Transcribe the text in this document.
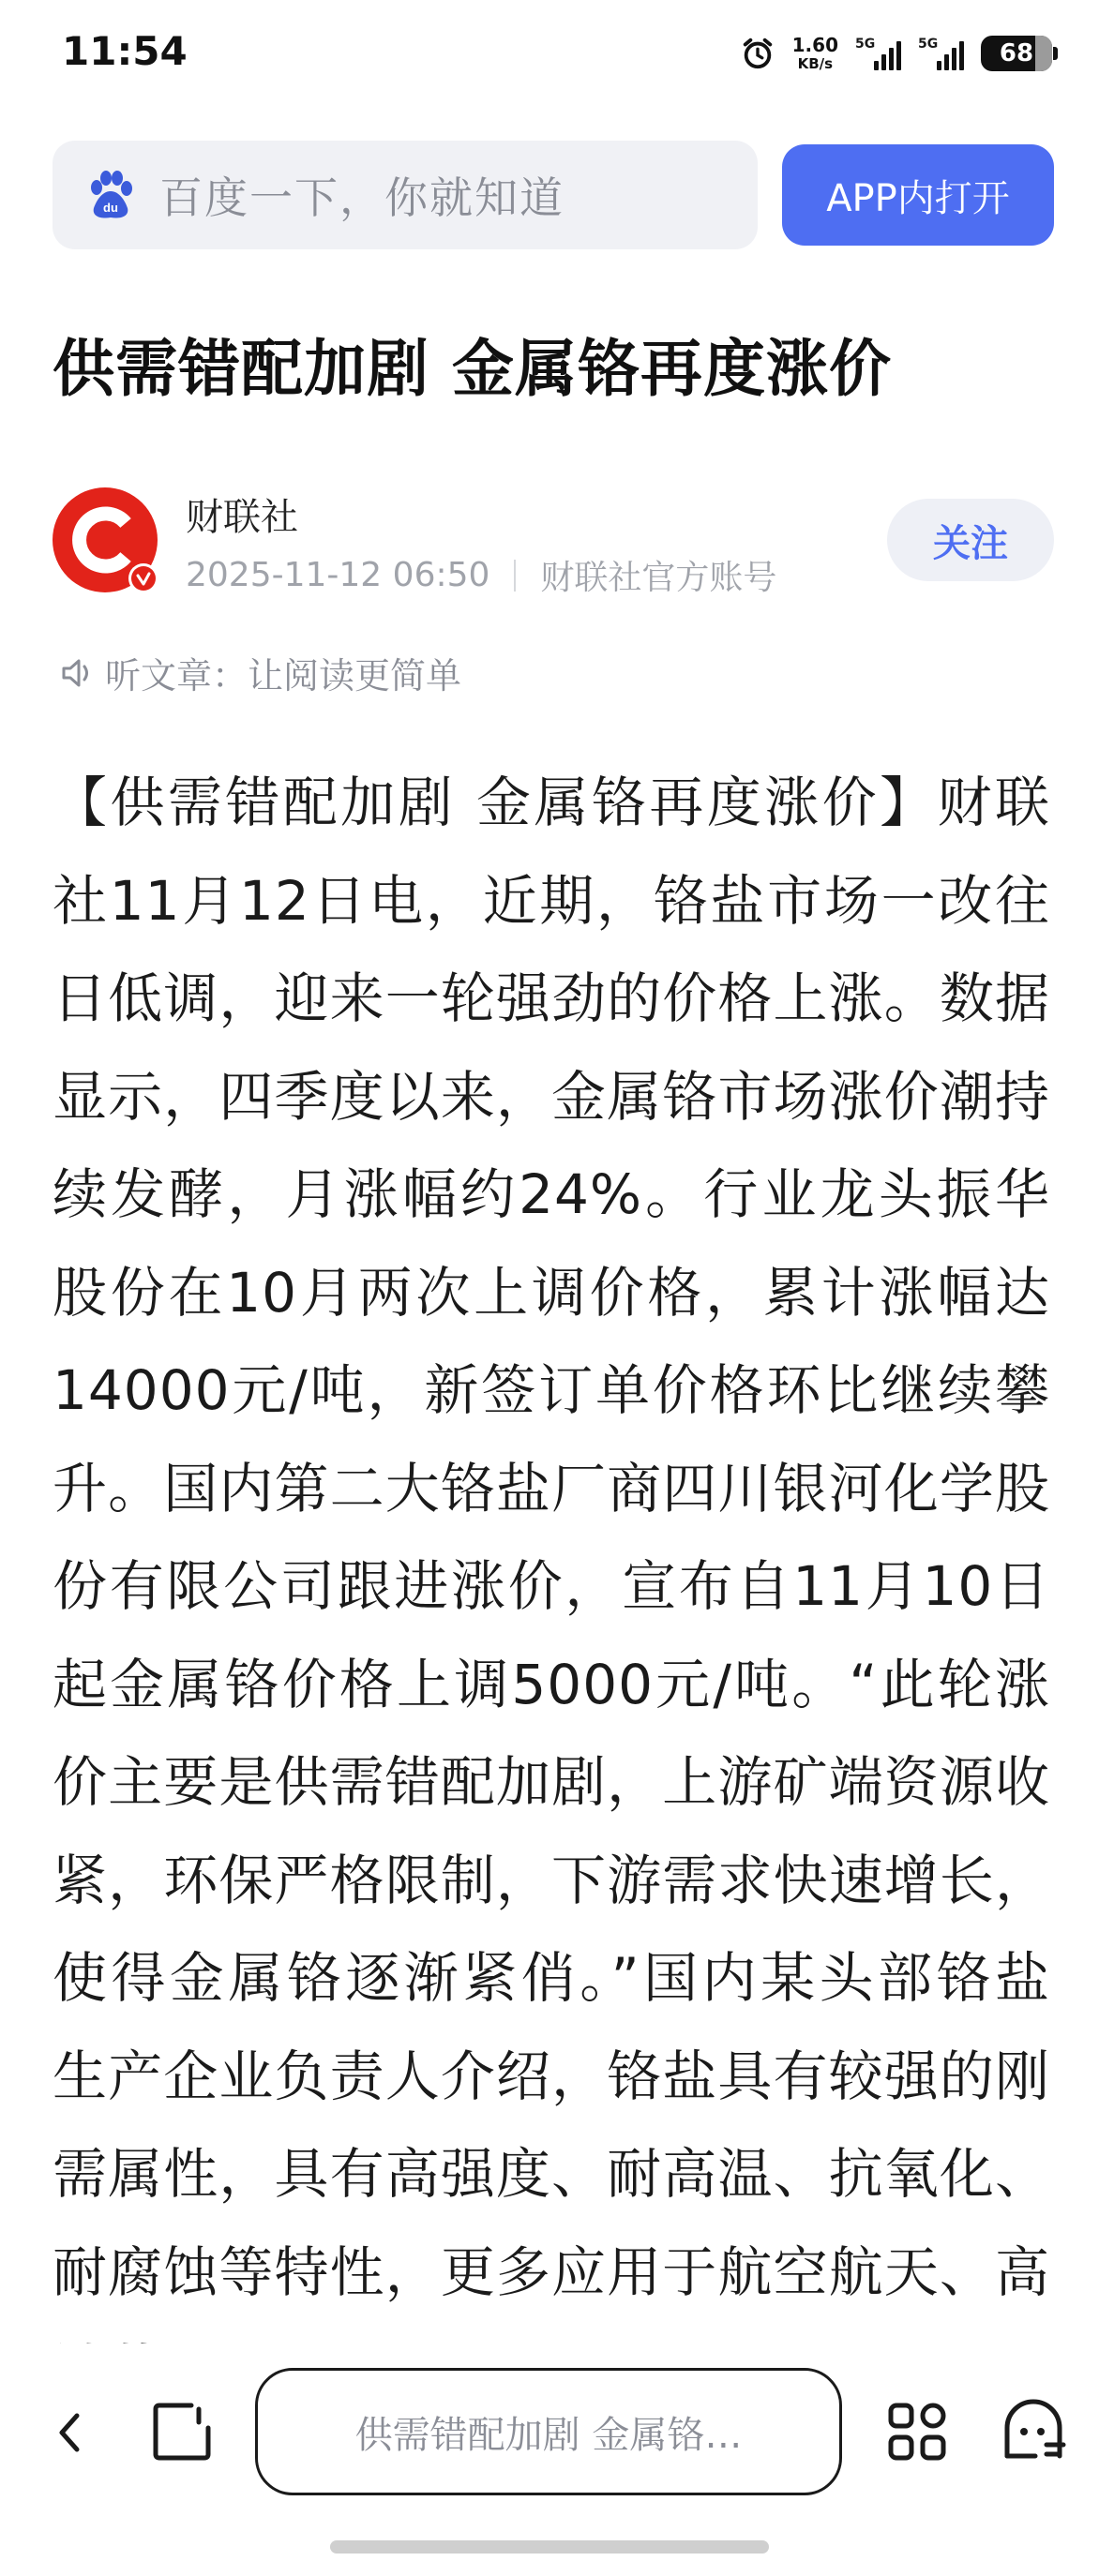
11:54	1.60
KB/s
5G	5G	68
du 百度一下，你就知道	APP内打开
供需错配加剧 金属铬再度涨价
财联社
2025-11-12 06:50 财联社官方账号
关注
听文章：让阅读更简单

【供需错配加剧 金属铬再度涨价】财联社11月12日电，近期，铬盐市场一改往日低调，迎来一轮强劲的价格上涨。数据显示，四季度以来，金属铬市场涨价潮持续发酵，月涨幅约24%。行业龙头振华股份在10月两次上调价格，累计涨幅达14000元/吨，新签订单价格环比继续攀升。国内第二大铬盐厂商四川银河化学股份有限公司跟进涨价，宣布自11月10日起金属铬价格上调5000元/吨。“此轮涨价主要是供需错配加剧，上游矿端资源收紧，环保严格限制，下游需求快速增长，使得金属铬逐渐紧俏。”国内某头部铬盐生产企业负责人介绍，铬盐具有较强的刚需属性，具有高强度、耐高温、抗氧化、耐腐蚀等特性，更多应用于航空航天、高

供需错配加剧 金属铬…
